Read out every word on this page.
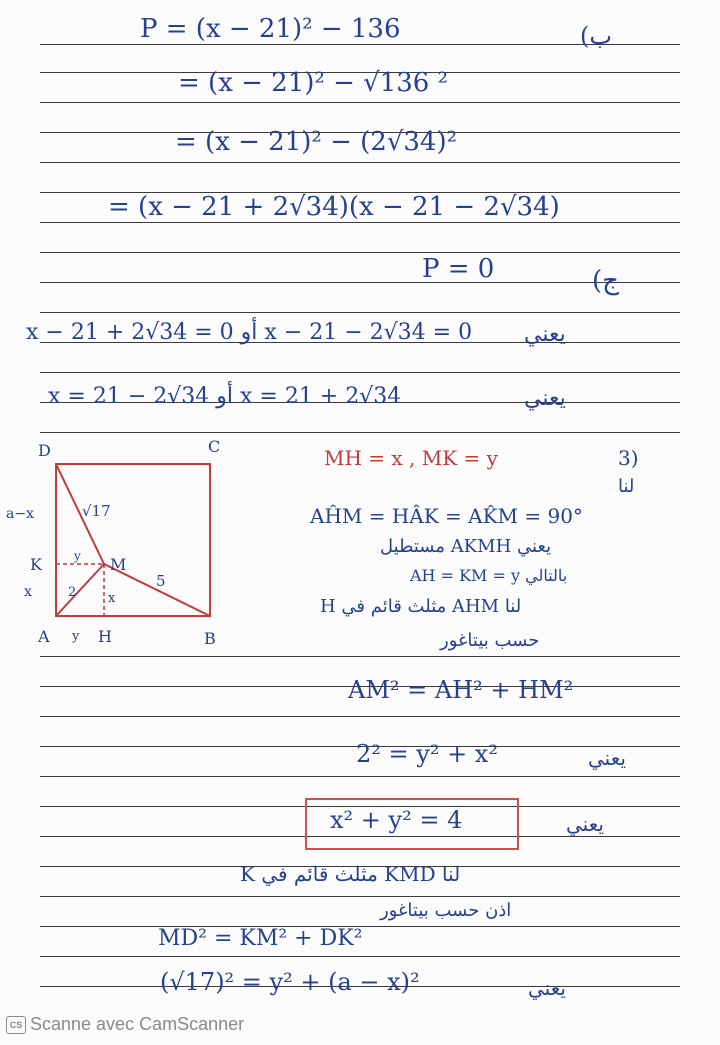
P = (x − 21)² − 136	ب)
= (x − 21)² − √136 ²
= (x − 21)² − (2√34)²
= (x − 21 + 2√34)(x − 21 − 2√34)
P = 0	ج)
x − 21 + 2√34 = 0 أو x − 21 − 2√34 = 0 يعني
x = 21 − 2√34 أو x = 21 + 2√34	يعني
D	C
A	B
K
H
M
a−x
x
√17
5
2 x
y
y
MH = x , MK = y	3)
لنا
AĤM = HÂK = AK̂M = 90°
يعني AKMH مستطيل
بالتالي AH = KM = y
لنا AHM مثلث قائم في H
حسب بيتاغور
AM² = AH² + HM²
2² = y² + x²	يعني
x² + y² = 4	يعني
لنا KMD مثلث قائم في K
اذن حسب بيتاغور
MD² = KM² + DK²
(√17)² = y² + (a − x)²	يعني
CS Scanne avec CamScanner
